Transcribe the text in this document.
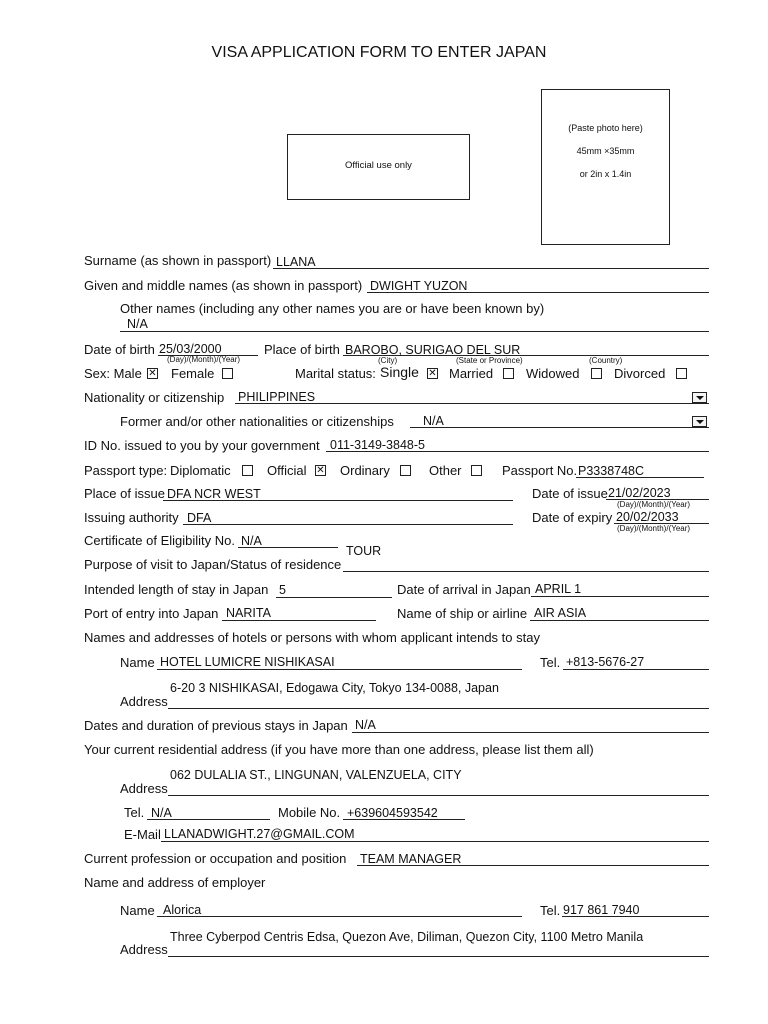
VISA APPLICATION FORM TO ENTER JAPAN
Official use only
(Paste photo here)
45mm ×35mm
or 2in x 1.4in
Surname (as shown in passport) LLANA
Given and middle names (as shown in passport) DWIGHT YUZON
Other names (including any other names you are or have been known by)
N/A
Date of birth 25/03/2000
(Day)/(Month)/(Year)
Place of birth BAROBO, SURIGAO DEL SUR
(City)	(State or Province)	(Country)
Sex: Male ✕ Female	Marital status: Single ✕ Married	Widowed	Divorced
Nationality or citizenship PHILIPPINES
Former and/or other nationalities or citizenships N/A
ID No. issued to you by your government 011-3149-3848-5
Passport type: Diplomatic	Official ✕ Ordinary	Other	Passport No. P3338748C
Place of issue DFA NCR WEST	Date of issue 21/02/2023
(Day)/(Month)/(Year)
Issuing authority DFA	Date of expiry 20/02/2033
(Day)/(Month)/(Year)
Certificate of Eligibility No. N/A
TOUR
Purpose of visit to Japan/Status of residence
Intended length of stay in Japan 5	Date of arrival in Japan APRIL 1
Port of entry into Japan NARITA	Name of ship or airline AIR ASIA
Names and addresses of hotels or persons with whom applicant intends to stay
Name HOTEL LUMICRE NISHIKASAI	Tel. +813-5676-27
6-20 3 NISHIKASAI, Edogawa City, Tokyo 134-0088, Japan
Address
Dates and duration of previous stays in Japan N/A
Your current residential address (if you have more than one address, please list them all)
062 DULALIA ST., LINGUNAN, VALENZUELA, CITY
Address
Tel. N/A	Mobile No. +639604593542
E-Mail LLANADWIGHT.27@GMAIL.COM
Current profession or occupation and position TEAM MANAGER
Name and address of employer
Name Alorica	Tel. 917 861 7940
Three Cyberpod Centris Edsa, Quezon Ave, Diliman, Quezon City, 1100 Metro Manila
Address
